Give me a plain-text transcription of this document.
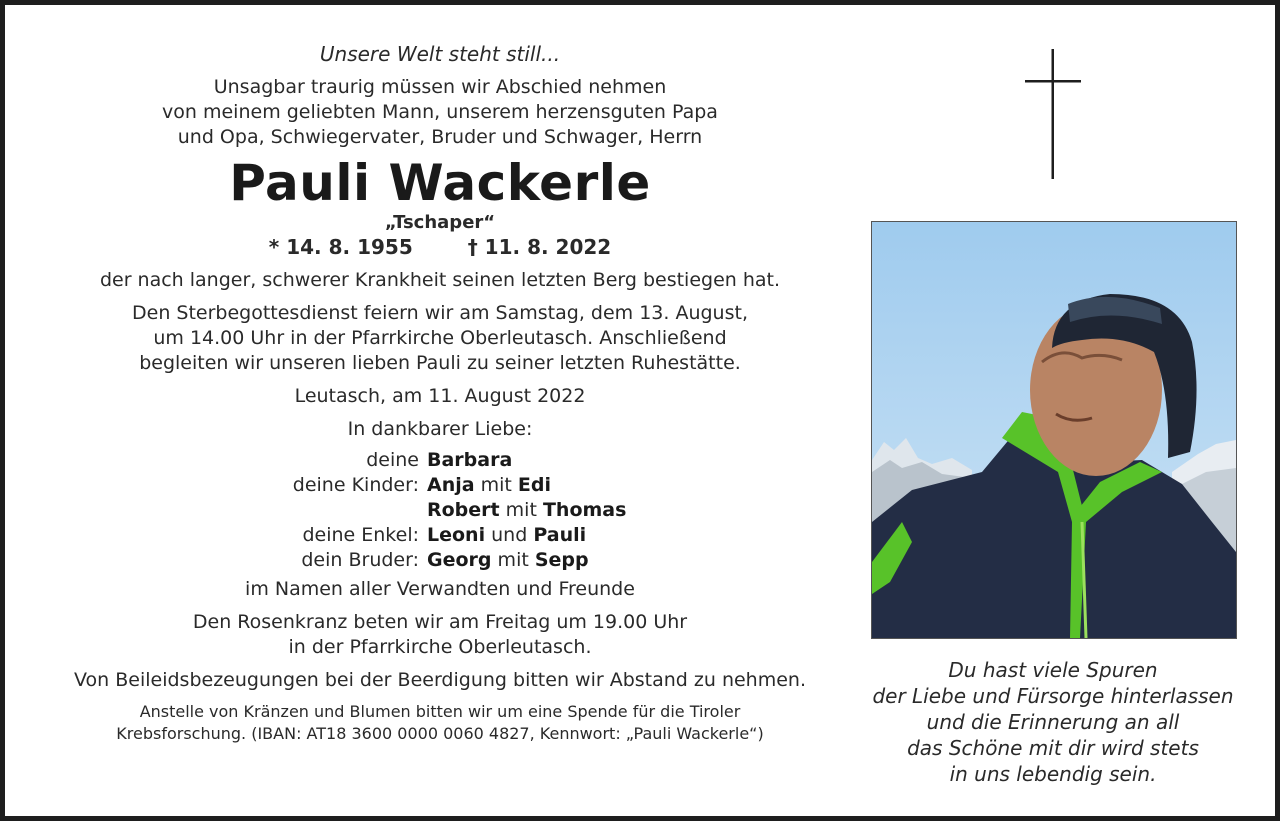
Unsere Welt steht still...

Unsagbar traurig müssen wir Abschied nehmen
von meinem geliebten Mann, unserem herzensguten Papa
und Opa, Schwiegervater, Bruder und Schwager, Herrn

Pauli Wackerle

„Tschaper“

* 14. 8. 1955	† 11. 8. 2022

der nach langer, schwerer Krankheit seinen letzten Berg bestiegen hat.

Den Sterbegottesdienst feiern wir am Samstag, dem 13. August,
um 14.00 Uhr in der Pfarrkirche Oberleutasch. Anschließend
begleiten wir unseren lieben Pauli zu seiner letzten Ruhestätte.

Leutasch, am 11. August 2022

In dankbarer Liebe:

deine Barbara
deine Kinder: Anja mit Edi
Robert mit Thomas
deine Enkel: Leoni und Pauli
dein Bruder: Georg mit Sepp

im Namen aller Verwandten und Freunde

Den Rosenkranz beten wir am Freitag um 19.00 Uhr
in der Pfarrkirche Oberleutasch.

Von Beileidsbezeugungen bei der Beerdigung bitten wir Abstand zu nehmen.

Anstelle von Kränzen und Blumen bitten wir um eine Spende für die Tiroler
Krebsforschung. (IBAN: AT18 3600 0000 0060 4827, Kennwort: „Pauli Wackerle“)

Du hast viele Spuren
der Liebe und Fürsorge hinterlassen
und die Erinnerung an all
das Schöne mit dir wird stets
in uns lebendig sein.
